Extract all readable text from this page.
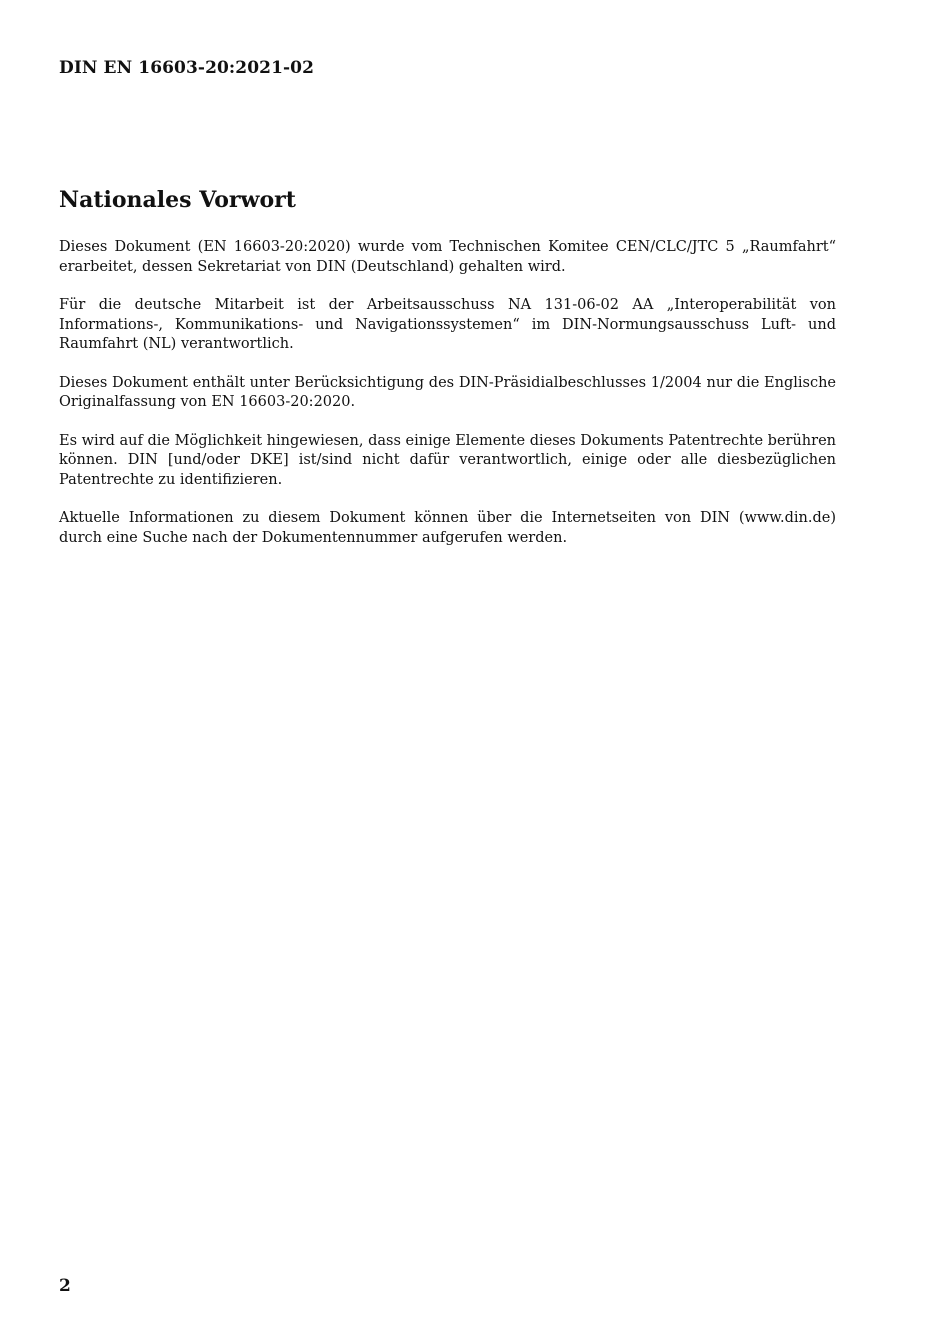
DIN EN 16603-20:2021-02
Nationales Vorwort

Dieses Dokument (EN 16603-20:2020) wurde vom Technischen Komitee CEN/CLC/JTC 5 „Raumfahrt“ erarbeitet, dessen Sekretariat von DIN (Deutschland) gehalten wird.

Für die deutsche Mitarbeit ist der Arbeitsausschuss NA 131-06-02 AA „Interoperabilität von Informations-, Kommunikations- und Navigationssystemen“ im DIN-Normungsausschuss Luft- und Raumfahrt (NL) verantwortlich.

Dieses Dokument enthält unter Berücksichtigung des DIN-Präsidialbeschlusses 1/2004 nur die Englische Originalfassung von EN 16603-20:2020.

Es wird auf die Möglichkeit hingewiesen, dass einige Elemente dieses Dokuments Patentrechte berühren können. DIN [und/oder DKE] ist/sind nicht dafür verantwortlich, einige oder alle diesbezüglichen Patentrechte zu identifizieren.

Aktuelle Informationen zu diesem Dokument können über die Internetseiten von DIN (www.din.de) durch eine Suche nach der Dokumentennummer aufgerufen werden.

2
